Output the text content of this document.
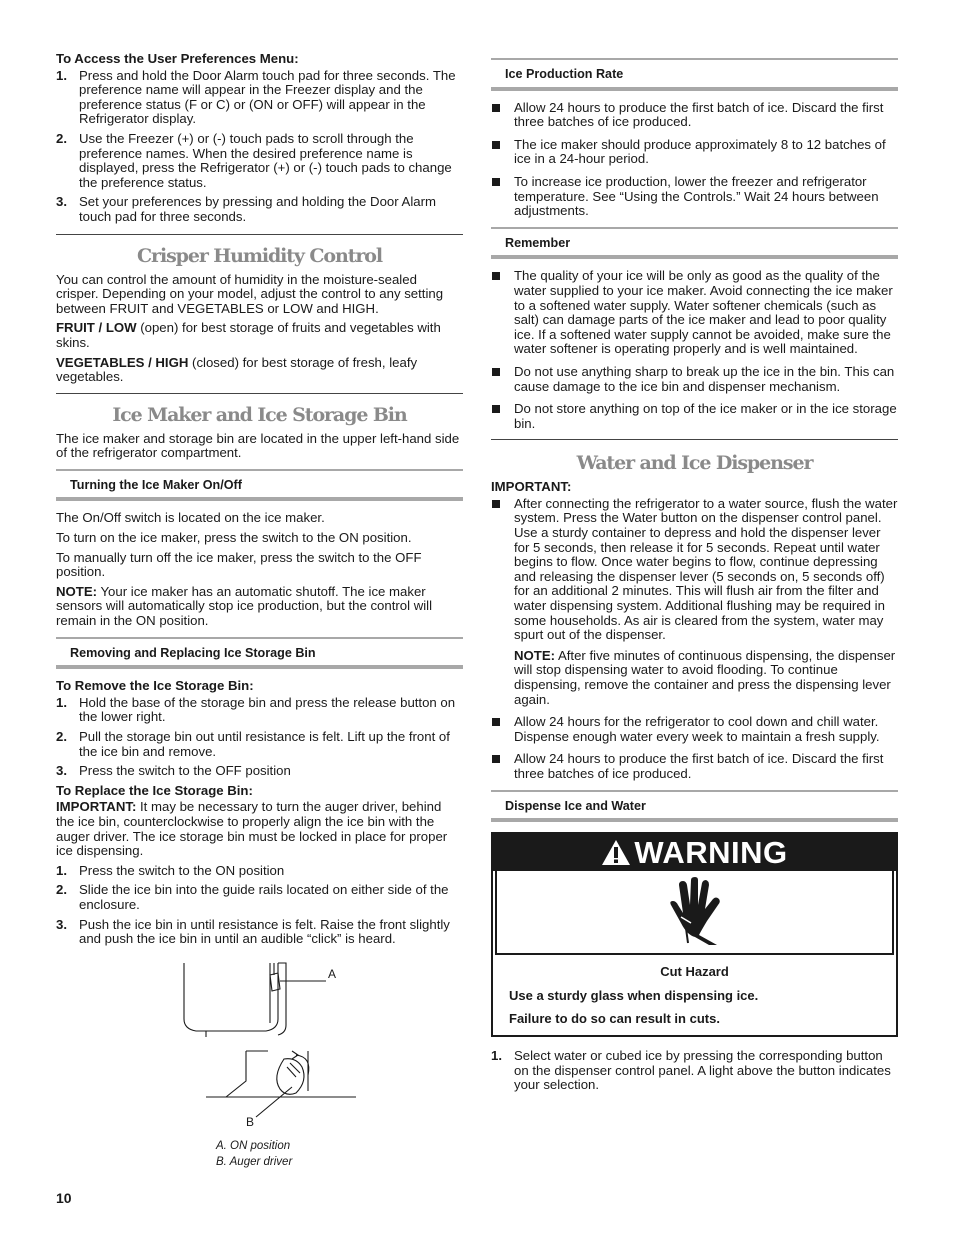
To Access the User Preferences Menu:
1. Press and hold the Door Alarm touch pad for three seconds. The preference name will appear in the Freezer display and the preference status (F or C) or (ON or OFF) will appear in the Refrigerator display.
2. Use the Freezer (+) or (-) touch pads to scroll through the preference names. When the desired preference name is displayed, press the Refrigerator (+) or (-) touch pads to change the preference status.
3. Set your preferences by pressing and holding the Door Alarm touch pad for three seconds.
Crisper Humidity Control

You can control the amount of humidity in the moisture-sealed crisper. Depending on your model, adjust the control to any setting between FRUIT and VEGETABLES or LOW and HIGH.

FRUIT / LOW (open) for best storage of fruits and vegetables with skins.

VEGETABLES / HIGH (closed) for best storage of fresh, leafy vegetables.

Ice Maker and Ice Storage Bin

The ice maker and storage bin are located in the upper left-hand side of the refrigerator compartment.

Turning the Ice Maker On/Off

The On/Off switch is located on the ice maker.

To turn on the ice maker, press the switch to the ON position.

To manually turn off the ice maker, press the switch to the OFF position.

NOTE: Your ice maker has an automatic shutoff. The ice maker sensors will automatically stop ice production, but the control will remain in the ON position.

Removing and Replacing Ice Storage Bin
To Remove the Ice Storage Bin:
1. Hold the base of the storage bin and press the release button on the lower right.
2. Pull the storage bin out until resistance is felt. Lift up the front of the ice bin and remove.
3. Press the switch to the OFF position
To Replace the Ice Storage Bin:

IMPORTANT: It may be necessary to turn the auger driver, behind the ice bin, counterclockwise to properly align the ice bin with the auger driver. The ice storage bin must be locked in place for proper ice dispensing.

1. Press the switch to the ON position
2. Slide the ice bin into the guide rails located on either side of the enclosure.
3. Push the ice bin in until resistance is felt. Raise the front slightly and push the ice bin in until an audible “click” is heard.
A
B
A. ON position
B. Auger driver
Ice Production Rate
Allow 24 hours to produce the first batch of ice. Discard the first three batches of ice produced.
The ice maker should produce approximately 8 to 12 batches of ice in a 24-hour period.
To increase ice production, lower the freezer and refrigerator temperature. See “Using the Controls.” Wait 24 hours between adjustments.
Remember
The quality of your ice will be only as good as the quality of the water supplied to your ice maker. Avoid connecting the ice maker to a softened water supply. Water softener chemicals (such as salt) can damage parts of the ice maker and lead to poor quality ice. If a softened water supply cannot be avoided, make sure the water softener is operating properly and is well maintained.
Do not use anything sharp to break up the ice in the bin. This can cause damage to the ice bin and dispenser mechanism.
Do not store anything on top of the ice maker or in the ice storage bin.
Water and Ice Dispenser
IMPORTANT:
After connecting the refrigerator to a water source, flush the water system. Press the Water button on the dispenser control panel. Use a sturdy container to depress and hold the dispenser lever for 5 seconds, then release it for 5 seconds. Repeat until water begins to flow. Once water begins to flow, continue depressing and releasing the dispenser lever (5 seconds on, 5 seconds off) for an additional 2 minutes. This will flush air from the filter and water dispensing system. Additional flushing may be required in some households. As air is cleared from the system, water may spurt out of the dispenser.
NOTE: After five minutes of continuous dispensing, the dispenser will stop dispensing water to avoid flooding. To continue dispensing, remove the container and press the dispensing lever again.
Allow 24 hours for the refrigerator to cool down and chill water. Dispense enough water every week to maintain a fresh supply.
Allow 24 hours to produce the first batch of ice. Discard the first three batches of ice produced.
Dispense Ice and Water
WARNING
Cut Hazard
Use a sturdy glass when dispensing ice.
Failure to do so can result in cuts.
1. Select water or cubed ice by pressing the corresponding button on the dispenser control panel. A light above the button indicates your selection.
10
